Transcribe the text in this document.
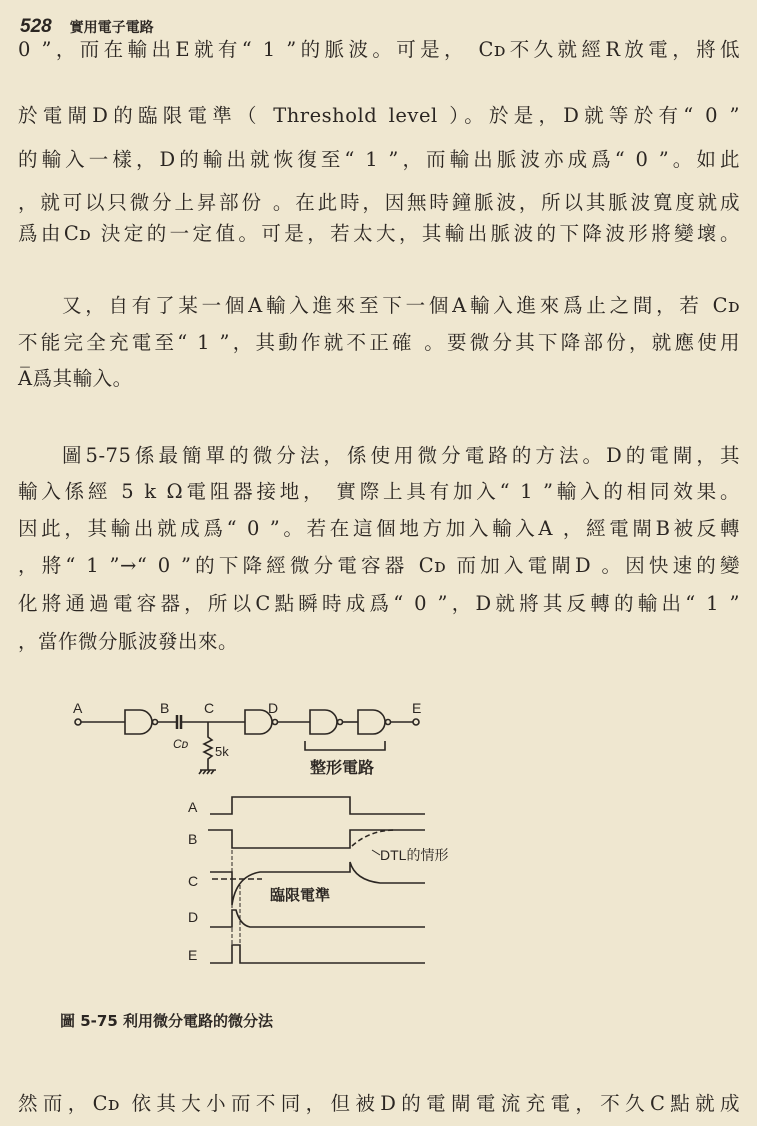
528 實用電子電路
0 ”，而在輸出E就有“ 1 ”的脈波。可是， Cᴅ不久就經R放電，將低
於電閘D的臨限電準（ Threshold level ）。於是，D就等於有“ 0 ”
的輸入一樣，D的輸出就恢復至“ 1 ”，而輸出脈波亦成爲“ 0 ”。如此
，就可以只微分上昇部份 。在此時，因無時鐘脈波，所以其脈波寬度就成
爲由Cᴅ 決定的一定值。可是，若太大，其輸出脈波的下降波形將變壞。
又，自有了某一個A輸入進來至下一個A輸入進來爲止之間，若 Cᴅ
不能完全充電至“ 1 ”，其動作就不正確 。要微分其下降部份，就應使用
A̅爲其輸入。
圖5-75係最簡單的微分法，係使用微分電路的方法。D的電閘，其
輸入係經 5 k Ω電阻器接地， 實際上具有加入“ 1 ”輸入的相同效果。
因此，其輸出就成爲“ 0 ”。若在這個地方加入輸入A ，經電閘B被反轉
，將“ 1 ”→“ 0 ”的下降經微分電容器 Cᴅ 而加入電閘D 。因快速的變
化將通過電容器，所以C點瞬時成爲“ 0 ”，D就將其反轉的輸出“ 1 ”
，當作微分脈波發出來。
A	B C	D	E
Cᴅ 5k
整形電路
A
B
C
D
E
臨限電準
DTL的情形
圖 5-75 利用微分電路的微分法
然而，Cᴅ 依其大小而不同，但被D的電閘電流充電，不久C點就成
